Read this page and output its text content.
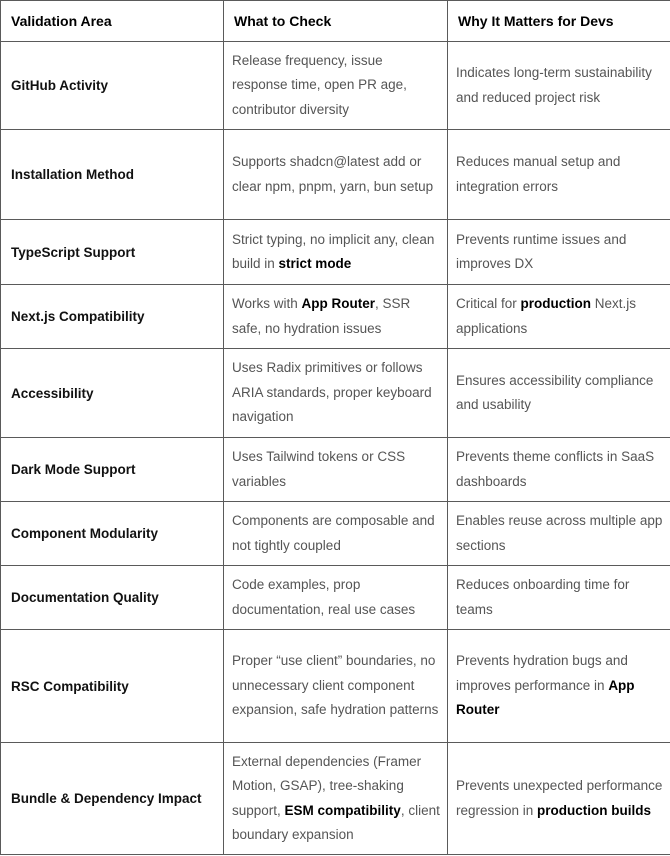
Validation Area	What to Check	Why It Matters for Devs
GitHub Activity	Release frequency, issue response time, open PR age, contributor diversity	Indicates long-term sustainability and reduced project risk
Installation Method	Supports shadcn@latest add or clear npm, pnpm, yarn, bun setup	Reduces manual setup and integration errors
TypeScript Support	Strict typing, no implicit any, clean build in strict mode	Prevents runtime issues and improves DX
Next.js Compatibility	Works with App Router, SSR safe, no hydration issues	Critical for production Next.js applications
Accessibility	Uses Radix primitives or follows ARIA standards, proper keyboard navigation	Ensures accessibility compliance and usability
Dark Mode Support	Uses Tailwind tokens or CSS variables	Prevents theme conflicts in SaaS dashboards
Component Modularity	Components are composable and not tightly coupled	Enables reuse across multiple app sections
Documentation Quality	Code examples, prop documentation, real use cases	Reduces onboarding time for teams
RSC Compatibility	Proper “use client” boundaries, no unnecessary client component expansion, safe hydration patterns	Prevents hydration bugs and improves performance in App Router
Bundle & Dependency Impact	External dependencies (Framer Motion, GSAP), tree-shaking support, ESM compatibility, client boundary expansion	Prevents unexpected performance regression in production builds
